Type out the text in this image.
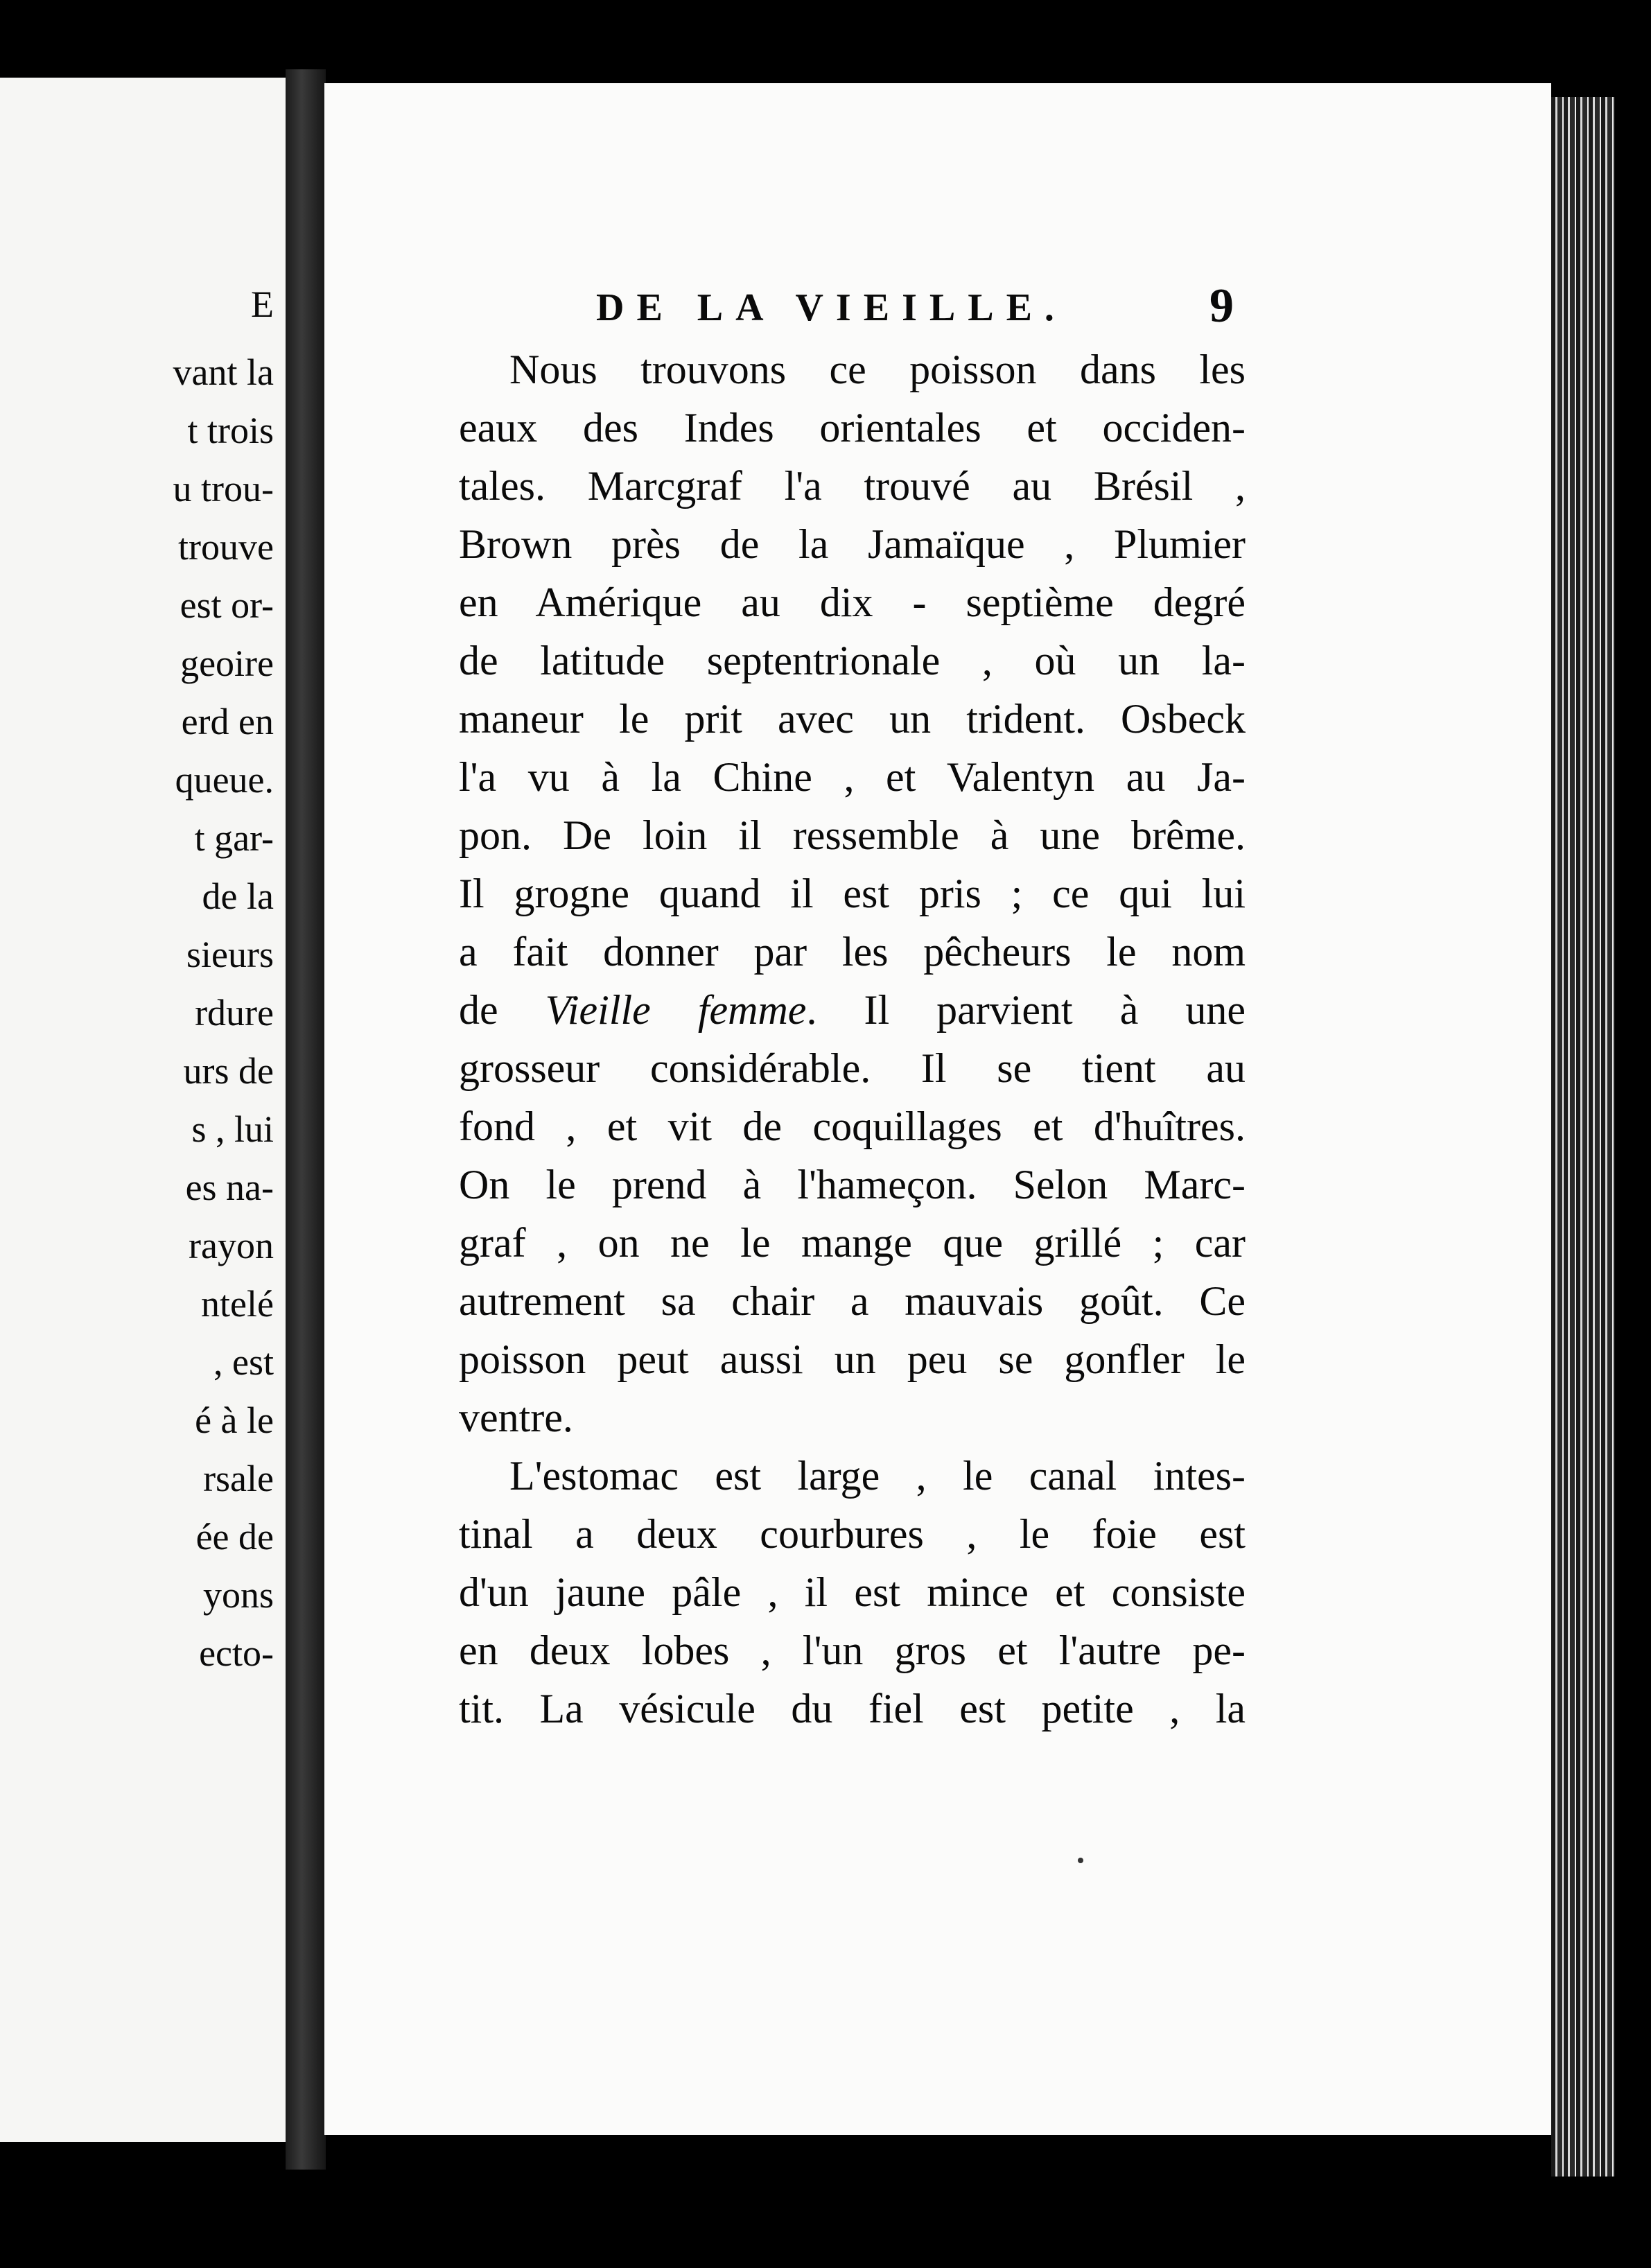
E
vant la
t trois
u trou-
trouve
est or-
geoire
erd en
queue.
t gar-
de la
sieurs
rdure
urs de
s , lui
es na-
rayon
ntelé
, est
é à le
rsale
ée de
yons
ecto-
DE LA VIEILLE.	9
Nous trouvons ce poisson dans les
eaux des Indes orientales et occiden-
tales. Marcgraf l'a trouvé au Brésil ,
Brown près de la Jamaïque , Plumier
en Amérique au dix - septième degré
de latitude septentrionale , où un la-
maneur le prit avec un trident. Osbeck
l'a vu à la Chine , et Valentyn au Ja-
pon. De loin il ressemble à une brême.
Il grogne quand il est pris ; ce qui lui
a fait donner par les pêcheurs le nom
de Vieille femme. Il parvient à une
grosseur considérable. Il se tient au
fond , et vit de coquillages et d'huîtres.
On le prend à l'hameçon. Selon Marc-
graf , on ne le mange que grillé ; car
autrement sa chair a mauvais goût. Ce
poisson peut aussi un peu se gonfler le
ventre.
L'estomac est large , le canal intes-
tinal a deux courbures , le foie est
d'un jaune pâle , il est mince et consiste
en deux lobes , l'un gros et l'autre pe-
tit. La vésicule du fiel est petite , la
